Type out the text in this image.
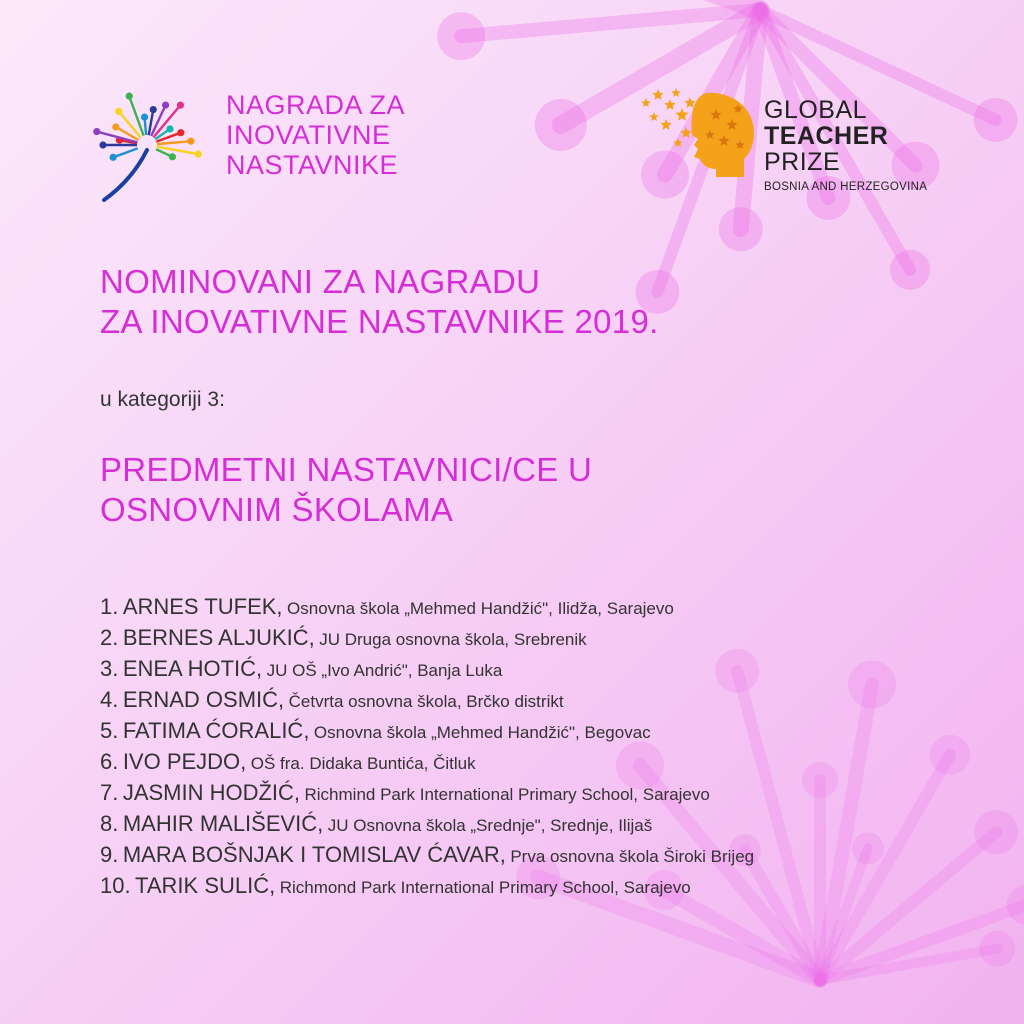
NAGRADA ZA
INOVATIVNE
NASTAVNIKE
GLOBAL
TEACHER
PRIZE
BOSNIA AND HERZEGOVINA
NOMINOVANI ZA NAGRADU
ZA INOVATIVNE NASTAVNIKE 2019.
u kategoriji 3:
PREDMETNI NASTAVNICI/CE U
OSNOVNIM ŠKOLAMA
1. ARNES TUFEK, Osnovna škola „Mehmed Handžić", Ilidža, Sarajevo
2. BERNES ALJUKIĆ, JU Druga osnovna škola, Srebrenik
3. ENEA HOTIĆ, JU OŠ „Ivo Andrić", Banja Luka
4. ERNAD OSMIĆ, Četvrta osnovna škola, Brčko distrikt
5. FATIMA ĆORALIĆ, Osnovna škola „Mehmed Handžić", Begovac
6. IVO PEJDO, OŠ fra. Didaka Buntića, Čitluk
7. JASMIN HODŽIĆ, Richmind Park International Primary School, Sarajevo
8. MAHIR MALIŠEVIĆ, JU Osnovna škola „Srednje", Srednje, Ilijaš
9. MARA BOŠNJAK I TOMISLAV ĆAVAR, Prva osnovna škola Široki Brijeg
10. TARIK SULIĆ, Richmond Park International Primary School, Sarajevo
